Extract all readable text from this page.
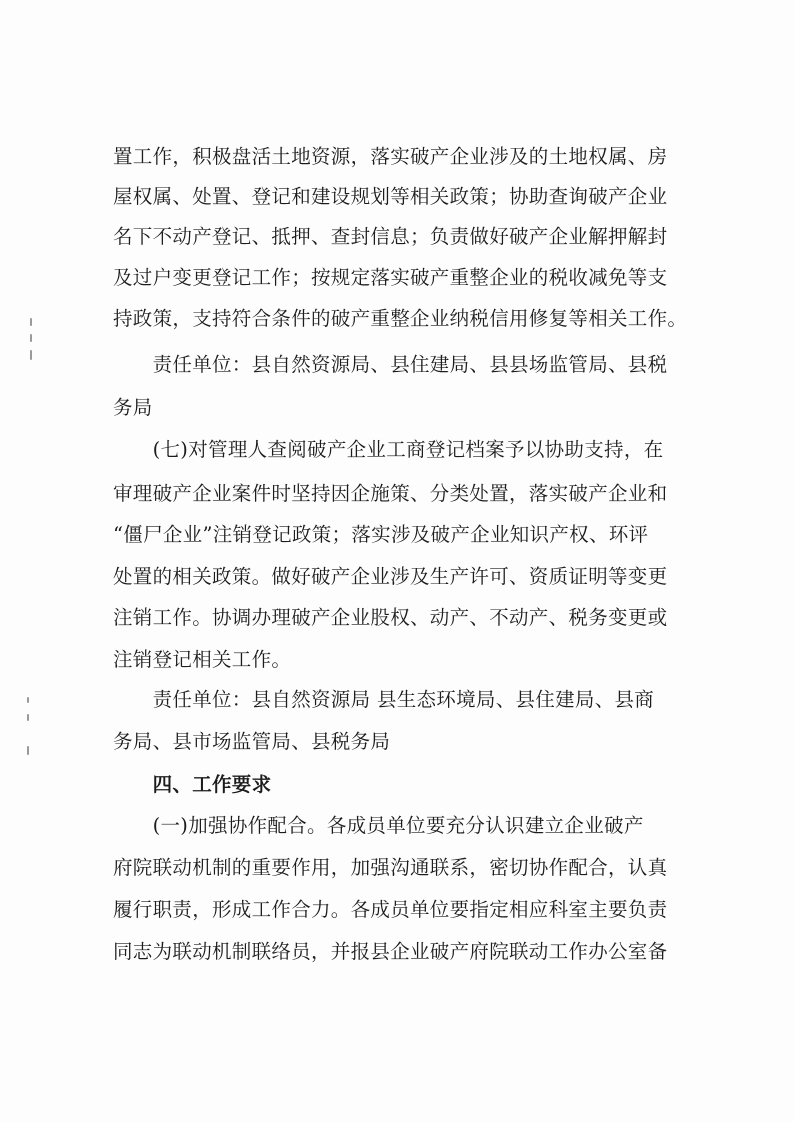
置工作，积极盘活土地资源，落实破产企业涉及的土地权属、房
屋权属、处置、登记和建设规划等相关政策；协助查询破产企业
名下不动产登记、抵押、查封信息；负责做好破产企业解押解封
及过户变更登记工作；按规定落实破产重整企业的税收减免等支
持政策，支持符合条件的破产重整企业纳税信用修复等相关工作。
　　责任单位：县自然资源局、县住建局、县县场监管局、县税
务局
　　(七)对管理人查阅破产企业工商登记档案予以协助支持，在
审理破产企业案件时坚持因企施策、分类处置，落实破产企业和
“僵尸企业”注销登记政策；落实涉及破产企业知识产权、环评
处置的相关政策。做好破产企业涉及生产许可、资质证明等变更
注销工作。协调办理破产企业股权、动产、不动产、税务变更或
注销登记相关工作。
　　责任单位：县自然资源局 县生态环境局、县住建局、县商
务局、县市场监管局、县税务局
　　四、工作要求
　　(一)加强协作配合。各成员单位要充分认识建立企业破产
府院联动机制的重要作用，加强沟通联系，密切协作配合，认真
履行职责，形成工作合力。各成员单位要指定相应科室主要负责
同志为联动机制联络员，并报县企业破产府院联动工作办公室备
